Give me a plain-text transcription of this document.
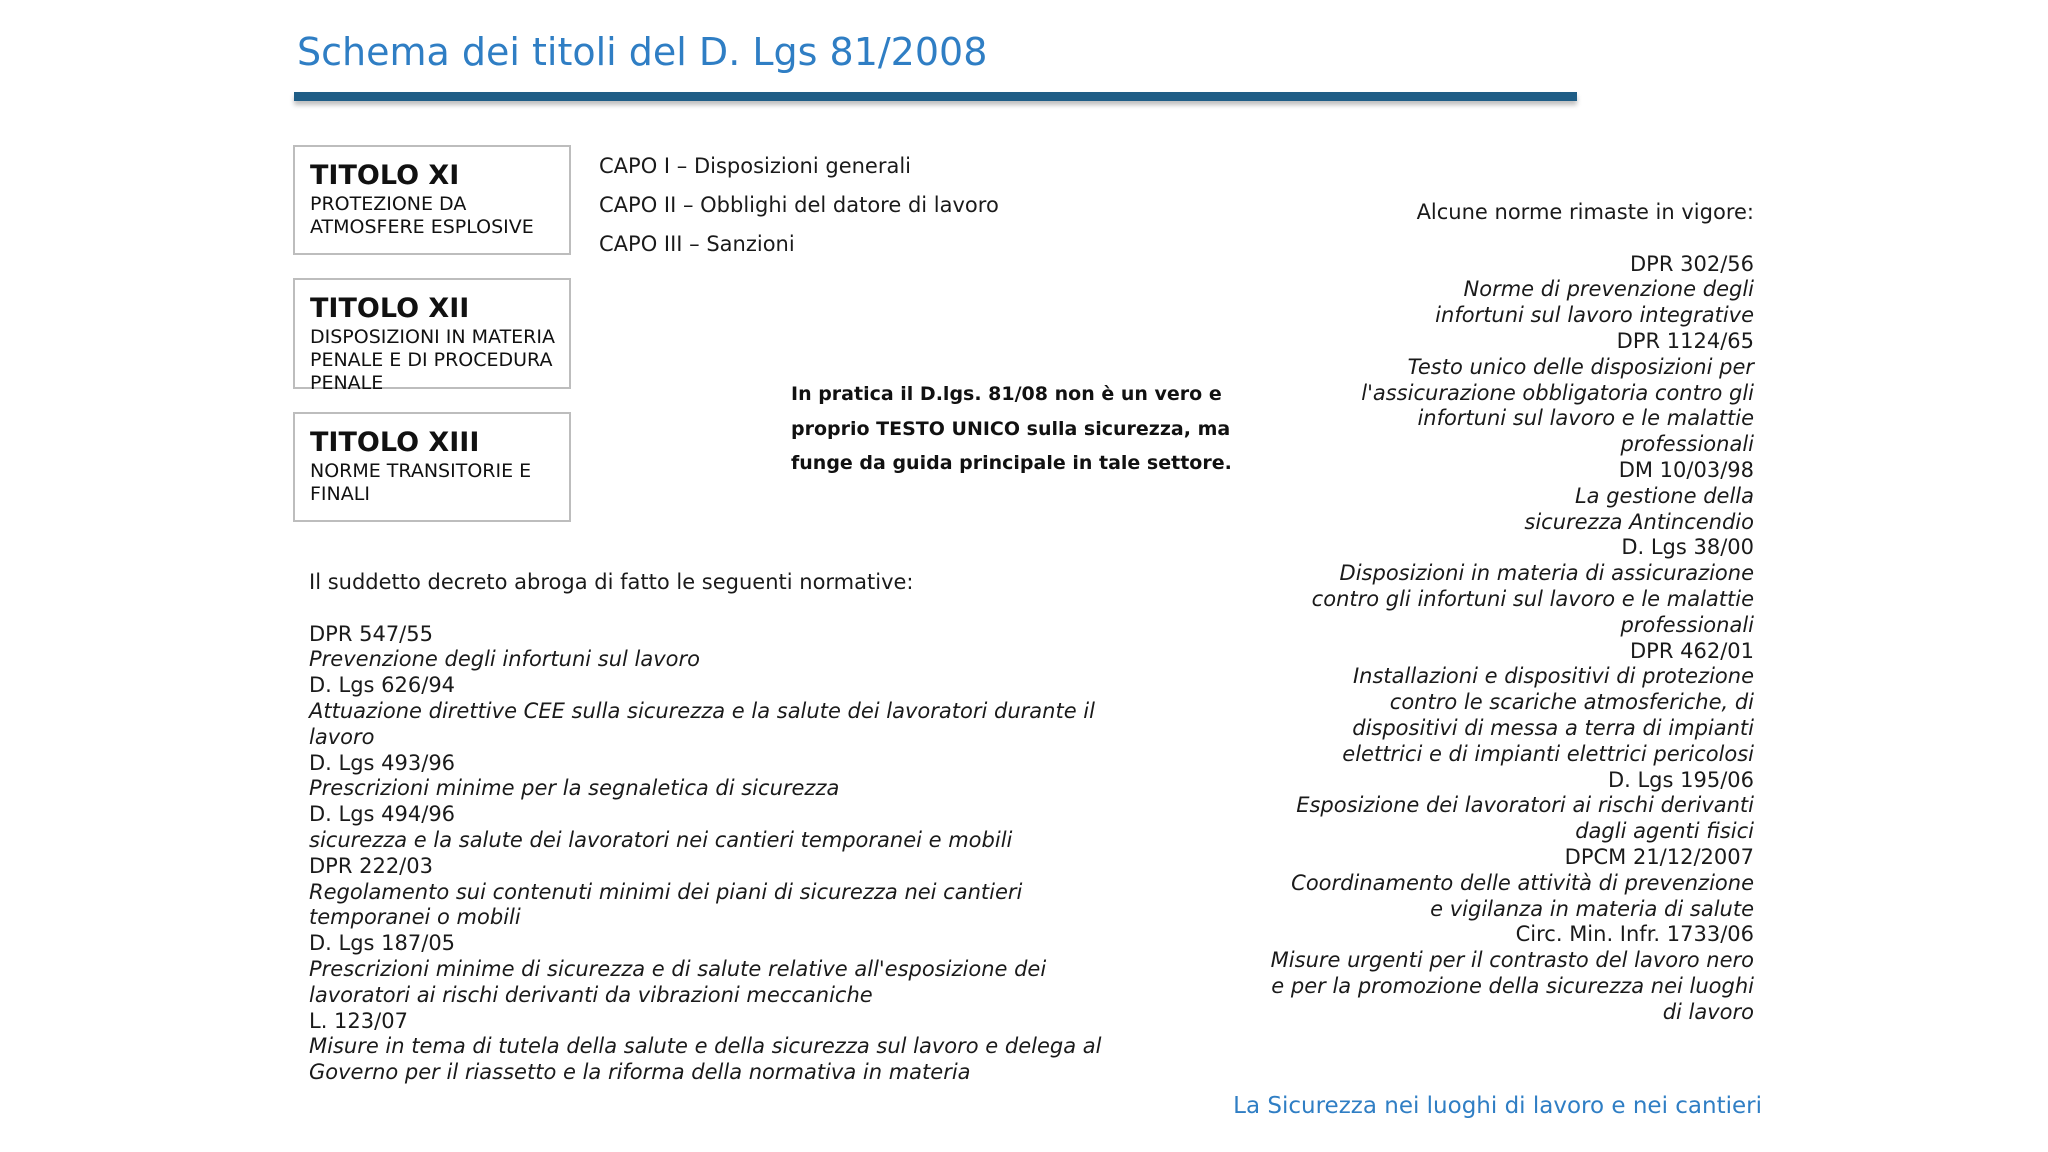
Schema dei titoli del D. Lgs 81/2008
TITOLO XI
PROTEZIONE DA ATMOSFERE ESPLOSIVE
TITOLO XII
DISPOSIZIONI IN MATERIA PENALE E DI PROCEDURA PENALE
TITOLO XIII
NORME TRANSITORIE E FINALI
CAPO I – Disposizioni generali
CAPO II – Obblighi del datore di lavoro
CAPO III – Sanzioni
In pratica il D.lgs. 81/08 non è un vero e proprio TESTO UNICO sulla sicurezza, ma funge da guida principale in tale settore.
Il suddetto decreto abroga di fatto le seguenti normative:
DPR 547/55
Prevenzione degli infortuni sul lavoro
D. Lgs 626/94
Attuazione direttive CEE sulla sicurezza e la salute dei lavoratori durante il lavoro
D. Lgs 493/96
Prescrizioni minime per la segnaletica di sicurezza
D. Lgs 494/96
sicurezza e la salute dei lavoratori nei cantieri temporanei e mobili
DPR 222/03
Regolamento sui contenuti minimi dei piani di sicurezza nei cantieri temporanei o mobili
D. Lgs 187/05
Prescrizioni minime di sicurezza e di salute relative all'esposizione dei lavoratori ai rischi derivanti da vibrazioni meccaniche
L. 123/07
Misure in tema di tutela della salute e della sicurezza sul lavoro e delega al Governo per il riassetto e la riforma della normativa in materia
Alcune norme rimaste in vigore:
DPR 302/56
Norme di prevenzione degli infortuni sul lavoro integrative
DPR 1124/65
Testo unico delle disposizioni per l'assicurazione obbligatoria contro gli infortuni sul lavoro e le malattie professionali
DM 10/03/98
La gestione della sicurezza Antincendio
D. Lgs 38/00
Disposizioni in materia di assicurazione contro gli infortuni sul lavoro e le malattie professionali
DPR 462/01
Installazioni e dispositivi di protezione contro le scariche atmosferiche, di dispositivi di messa a terra di impianti elettrici e di impianti elettrici pericolosi
D. Lgs 195/06
Esposizione dei lavoratori ai rischi derivanti dagli agenti fisici
DPCM 21/12/2007
Coordinamento delle attività di prevenzione e vigilanza in materia di salute
Circ. Min. Infr. 1733/06
Misure urgenti per il contrasto del lavoro nero e per la promozione della sicurezza nei luoghi di lavoro
La Sicurezza nei luoghi di lavoro e nei cantieri
